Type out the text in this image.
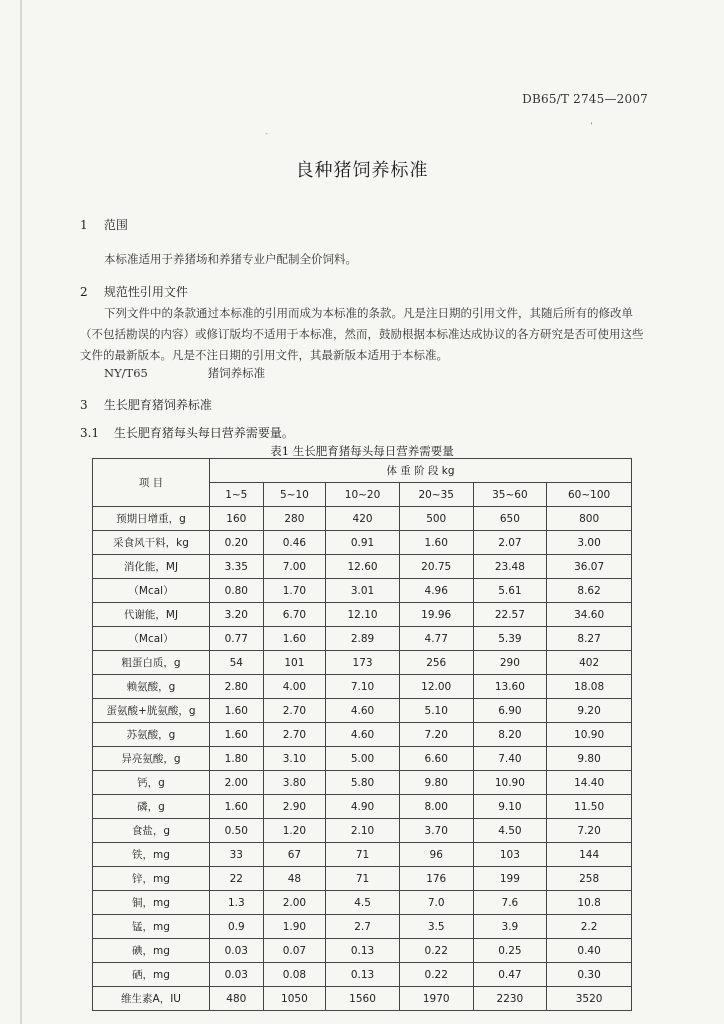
DB65/T 2745—2007
良种猪饲养标准
1 范围
本标准适用于养猪场和养猪专业户配制全价饲料。
2 规范性引用文件
下列文件中的条款通过本标准的引用而成为本标准的条款。凡是注日期的引用文件，其随后所有的修改单（不包括勘误的内容）或修订版均不适用于本标准，然而，鼓励根据本标准达成协议的各方研究是否可使用这些文件的最新版本。凡是不注日期的引用文件，其最新版本适用于本标准。
NY/T65	猪饲养标准
3 生长肥育猪饲养标准
3.1 生长肥育猪每头每日营养需要量。
表1 生长肥育猪每头每日营养需要量
项 目	体 重 阶 段 kg					
	1~5	5~10	10~20	20~35	35~60	60~100
预期日增重，g	160	280	420	500	650	800
采食风干料，kg	0.20	0.46	0.91	1.60	2.07	3.00
消化能，MJ	3.35	7.00	12.60	20.75	23.48	36.07
（Mcal）	0.80	1.70	3.01	4.96	5.61	8.62
代谢能，MJ	3.20	6.70	12.10	19.96	22.57	34.60
（Mcal）	0.77	1.60	2.89	4.77	5.39	8.27
粗蛋白质，g	54	101	173	256	290	402
赖氨酸，g	2.80	4.00	7.10	12.00	13.60	18.08
蛋氨酸+胱氨酸，g	1.60	2.70	4.60	5.10	6.90	9.20
苏氨酸，g	1.60	2.70	4.60	7.20	8.20	10.90
异亮氨酸，g	1.80	3.10	5.00	6.60	7.40	9.80
钙，g	2.00	3.80	5.80	9.80	10.90	14.40
磷，g	1.60	2.90	4.90	8.00	9.10	11.50
食盐，g	0.50	1.20	2.10	3.70	4.50	7.20
铁，mg	33	67	71	96	103	144
锌，mg	22	48	71	176	199	258
铜，mg	1.3	2.00	4.5	7.0	7.6	10.8
锰，mg	0.9	1.90	2.7	3.5	3.9	2.2
碘，mg	0.03	0.07	0.13	0.22	0.25	0.40
硒，mg	0.03	0.08	0.13	0.22	0.47	0.30
维生素A，IU	480	1050	1560	1970	2230	3520
ˎ	ˈ
